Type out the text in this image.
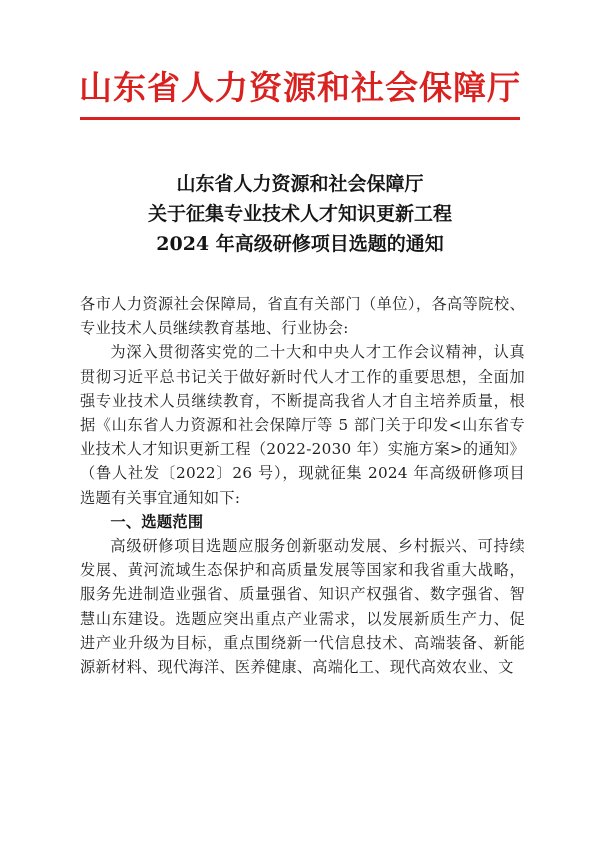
山东省人力资源和社会保障厅
山东省人力资源和社会保障厅
关于征集专业技术人才知识更新工程
2024 年高级研修项目选题的通知

各市人力资源社会保障局，省直有关部门（单位），各高等院校、专业技术人员继续教育基地、行业协会:

为深入贯彻落实党的二十大和中央人才工作会议精神，认真贯彻习近平总书记关于做好新时代人才工作的重要思想，全面加强专业技术人员继续教育，不断提高我省人才自主培养质量，根据《山东省人力资源和社会保障厅等 5 部门关于印发<山东省专业技术人才知识更新工程（2022-2030 年）实施方案>的通知》（鲁人社发〔2022〕26 号），现就征集 2024 年高级研修项目选题有关事宜通知如下:

一、选题范围

高级研修项目选题应服务创新驱动发展、乡村振兴、可持续发展、黄河流域生态保护和高质量发展等国家和我省重大战略，服务先进制造业强省、质量强省、知识产权强省、数字强省、智慧山东建设。选题应突出重点产业需求，以发展新质生产力、促进产业升级为目标，重点围绕新一代信息技术、高端装备、新能源新材料、现代海洋、医养健康、高端化工、现代高效农业、文
